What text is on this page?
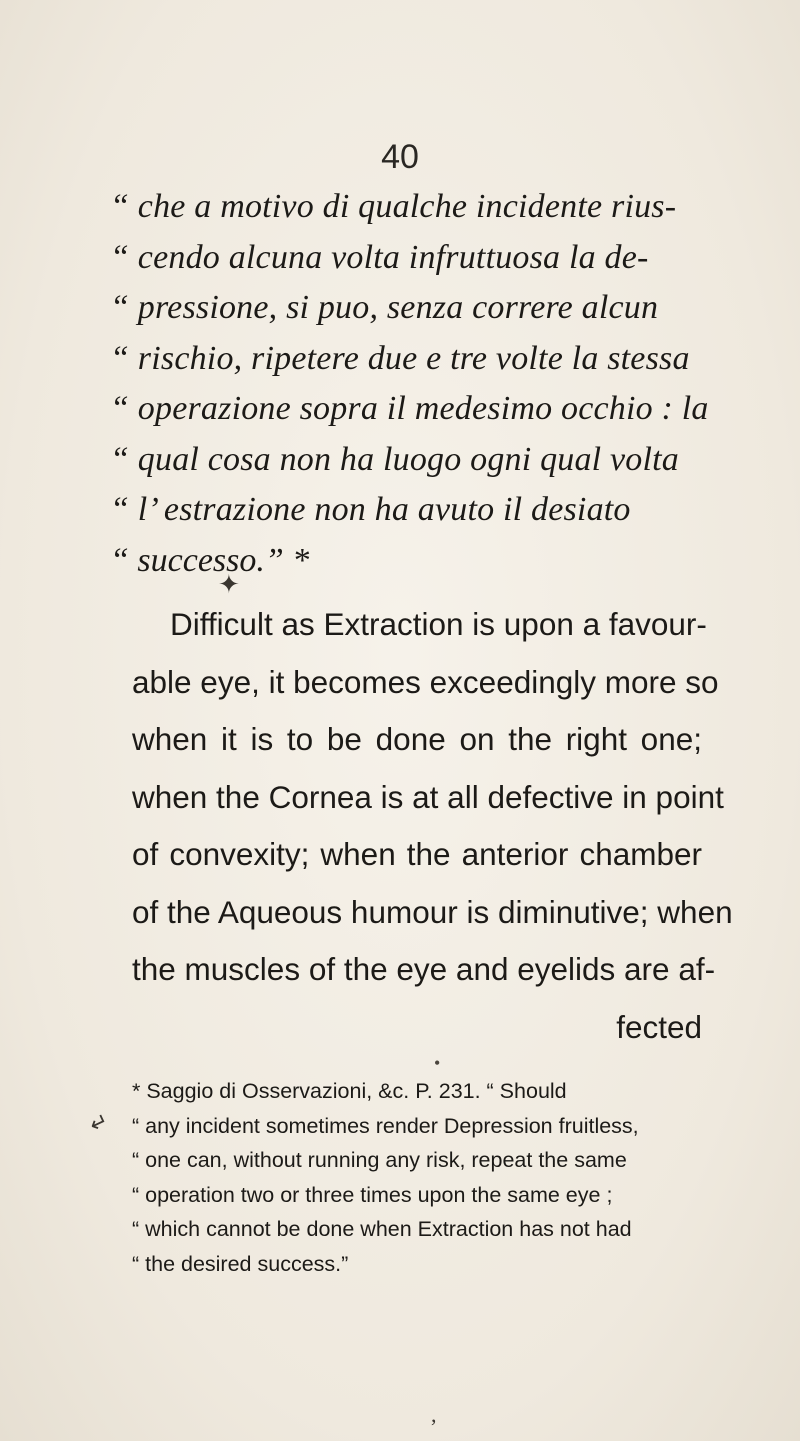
40
“ che a motivo di qualche incidente rius-
“ cendo alcuna volta infruttuosa la de-
“ pressione, si puo, senza correre alcun
“ rischio, ripetere due e tre volte la stessa
“ operazione sopra il medesimo occhio : la
“ qual cosa non ha luogo ogni qual volta
“ l’ estrazione non ha avuto il desiato
“ successo.” *
✦
Difficult as Extraction is upon a favour-
able eye, it becomes exceedingly more so
when it is to be done on the right one;
when the Cornea is at all defective in point
of convexity; when the anterior chamber
of the Aqueous humour is diminutive; when
the muscles of the eye and eyelids are af-
fected
•
↵
* Saggio di Osservazioni, &c. P. 231. “ Should
“ any incident sometimes render Depression fruitless,
“ one can, without running any risk, repeat the same
“ operation two or three times upon the same eye ;
“ which cannot be done when Extraction has not had
“ the desired success.”
,
